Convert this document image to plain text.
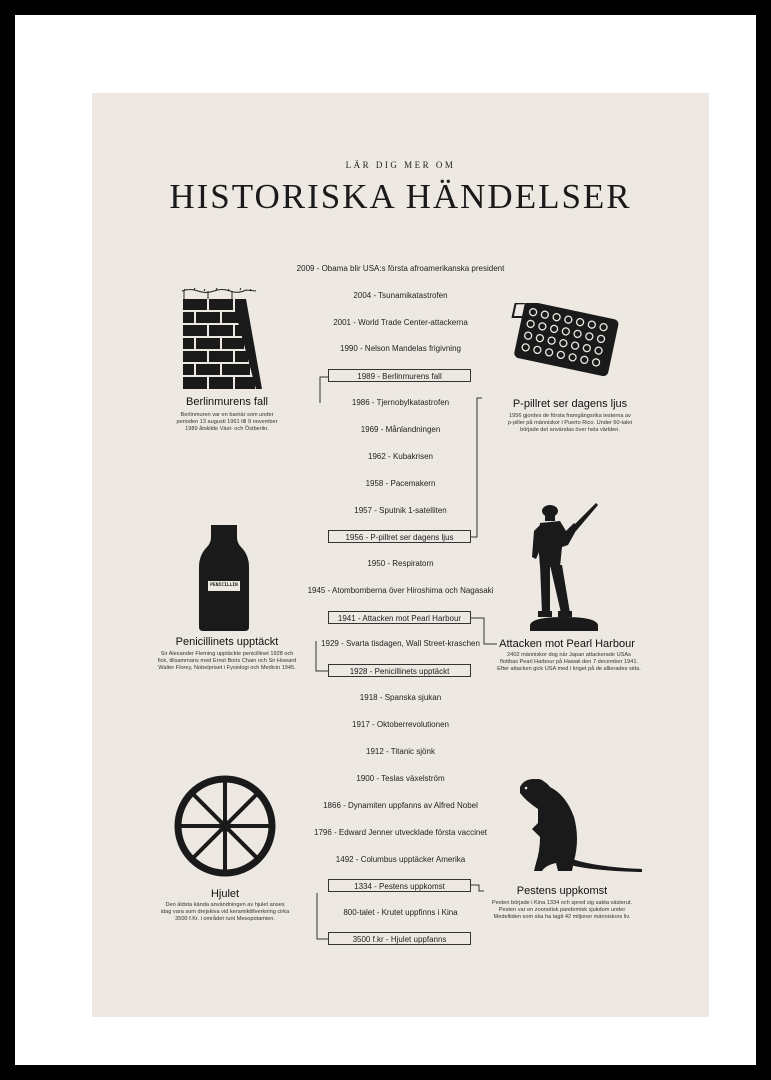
LÄR DIG MER OM
HISTORISKA HÄNDELSER
2009 - Obama blir USA:s första afroamerikanska president
2004 - Tsunamikatastrofen
2001 - World Trade Center-attackerna
1990 - Nelson Mandelas frigivning
1989 - Berlinmurens fall
1986 - Tjernobylkatastrofen
1969 - Månlandningen
1962 - Kubakrisen
1958 - Pacemakern
1957 - Sputnik 1-satelliten
1956 - P-pillret ser dagens ljus
1950 - Respiratorn
1945 - Atombomberna över Hiroshima och Nagasaki
1941 - Attacken mot Pearl Harbour
1929 - Svarta tisdagen, Wall Street-kraschen
1928 - Penicillinets upptäckt
1918 - Spanska sjukan
1917 - Oktoberrevolutionen
1912 - Titanic sjönk
1900 - Teslas växelström
1866 - Dynamiten uppfanns av Alfred Nobel
1796 - Edward Jenner utvecklade första vaccinet
1492 - Columbus upptäcker Amerika
1334 - Pestens uppkomst
800-talet - Krutet uppfinns i Kina
3500 f.kr - Hjulet uppfanns
Berlinmurens fall
Berlinmuren var en barriär som under
perioden 13 augusti 1961 till 9 november
1989 åtskilde Väst- och Östberlin.
P-pillret ser dagens ljus
1956 gjordes de första framgångsrika testerna av
p-piller på människor i Puerto Rico. Under 60-talet
började det användas över hela världen.
PENICILLIN
Penicillinets upptäckt
Sir Alexander Fleming upptäckte penicillinet 1928 och
fick, tillsammans med Ernst Boris Chain och Sir Howard
Walter Florey, Nobelpriset i Fysiologi och Medicin 1945.
Attacken mot Pearl Harbour
2402 människor dog när Japan attackerade USAs
flottbas Pearl Harbour på Hawaii den 7 december 1941.
Efter attacken gick USA med i kriget på de allierades sida.
Hjulet
Den äldsta kända användningen av hjulet anses
idag vara som drejskiva vid keramiktillverkning cirka
3500 f.Kr. i området runt Mesopotamien.
Pestens uppkomst
Pesten började i Kina 1334 och spred sig sakta västerut.
Pesten var en zoonotisk pandemisk sjukdom under
Medeltiden som ska ha tagit 42 miljoner människors liv.
